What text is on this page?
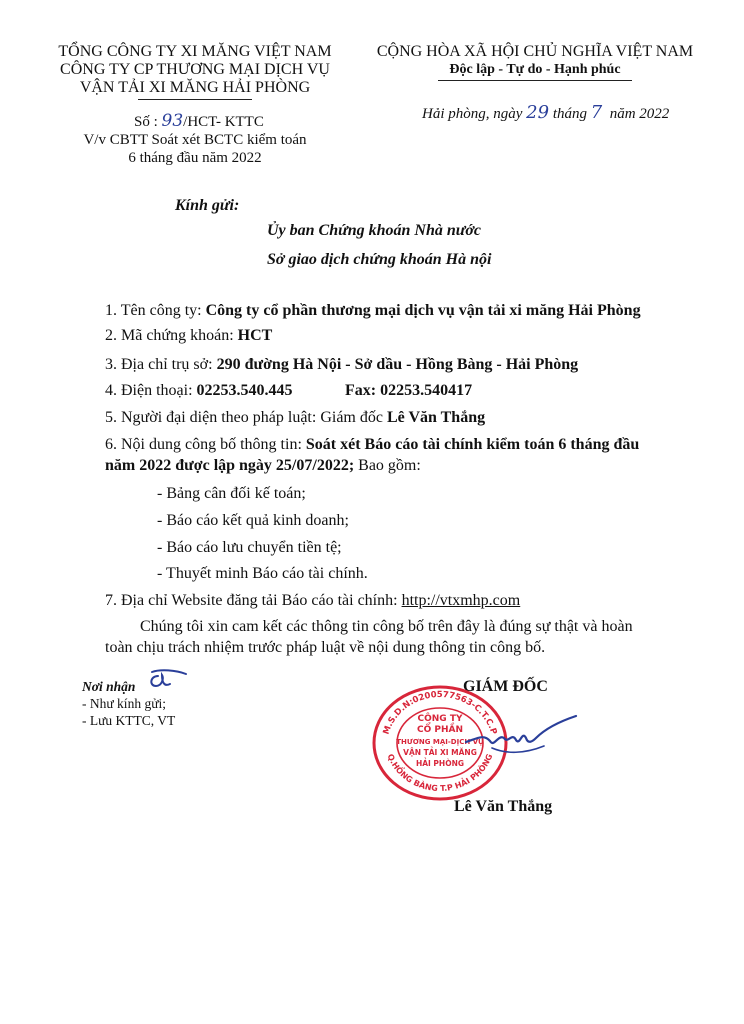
TỔNG CÔNG TY XI MĂNG VIỆT NAM
CÔNG TY CP THƯƠNG MẠI DỊCH VỤ
VẬN TẢI XI MĂNG HẢI PHÒNG
CỘNG HÒA XÃ HỘI CHỦ NGHĨA VIỆT NAM
Độc lập - Tự do - Hạnh phúc
Số : 93/HCT- KTTC
V/v CBTT Soát xét BCTC kiểm toán
6 tháng đầu năm 2022
Hải phòng, ngày 29 tháng 7 năm 2022
Kính gửi:
Ủy ban Chứng khoán Nhà nước
Sở giao dịch chứng khoán Hà nội
1. Tên công ty: Công ty cổ phần thương mại dịch vụ vận tải xi măng Hải Phòng
2. Mã chứng khoán: HCT
3. Địa chỉ trụ sở: 290 đường Hà Nội - Sở dầu - Hồng Bàng - Hải Phòng
4. Điện thoại: 02253.540.445	Fax: 02253.540417
5. Người đại diện theo pháp luật: Giám đốc Lê Văn Thắng
6. Nội dung công bố thông tin: Soát xét Báo cáo tài chính kiểm toán 6 tháng đầu
năm 2022 được lập ngày 25/07/2022; Bao gồm:
- Bảng cân đối kế toán;
- Báo cáo kết quả kinh doanh;
- Báo cáo lưu chuyển tiền tệ;
- Thuyết minh Báo cáo tài chính.
7. Địa chỉ Website đăng tải Báo cáo tài chính: http://vtxmhp.com
Chúng tôi xin cam kết các thông tin công bố trên đây là đúng sự thật và hoàn
toàn chịu trách nhiệm trước pháp luật về nội dung thông tin công bố.
Nơi nhận
- Như kính gửi;
- Lưu KTTC, VT
GIÁM ĐỐC
M.S.D.N:0200577563-C.T.C.P
Q.HỒNG BÀNG T.P HẢI PHÒNG
CÔNG TY
CỔ PHẦN
THƯƠNG MẠI-DỊCH VỤ
VẬN TẢI XI MĂNG
HẢI PHÒNG
Lê Văn Thắng
